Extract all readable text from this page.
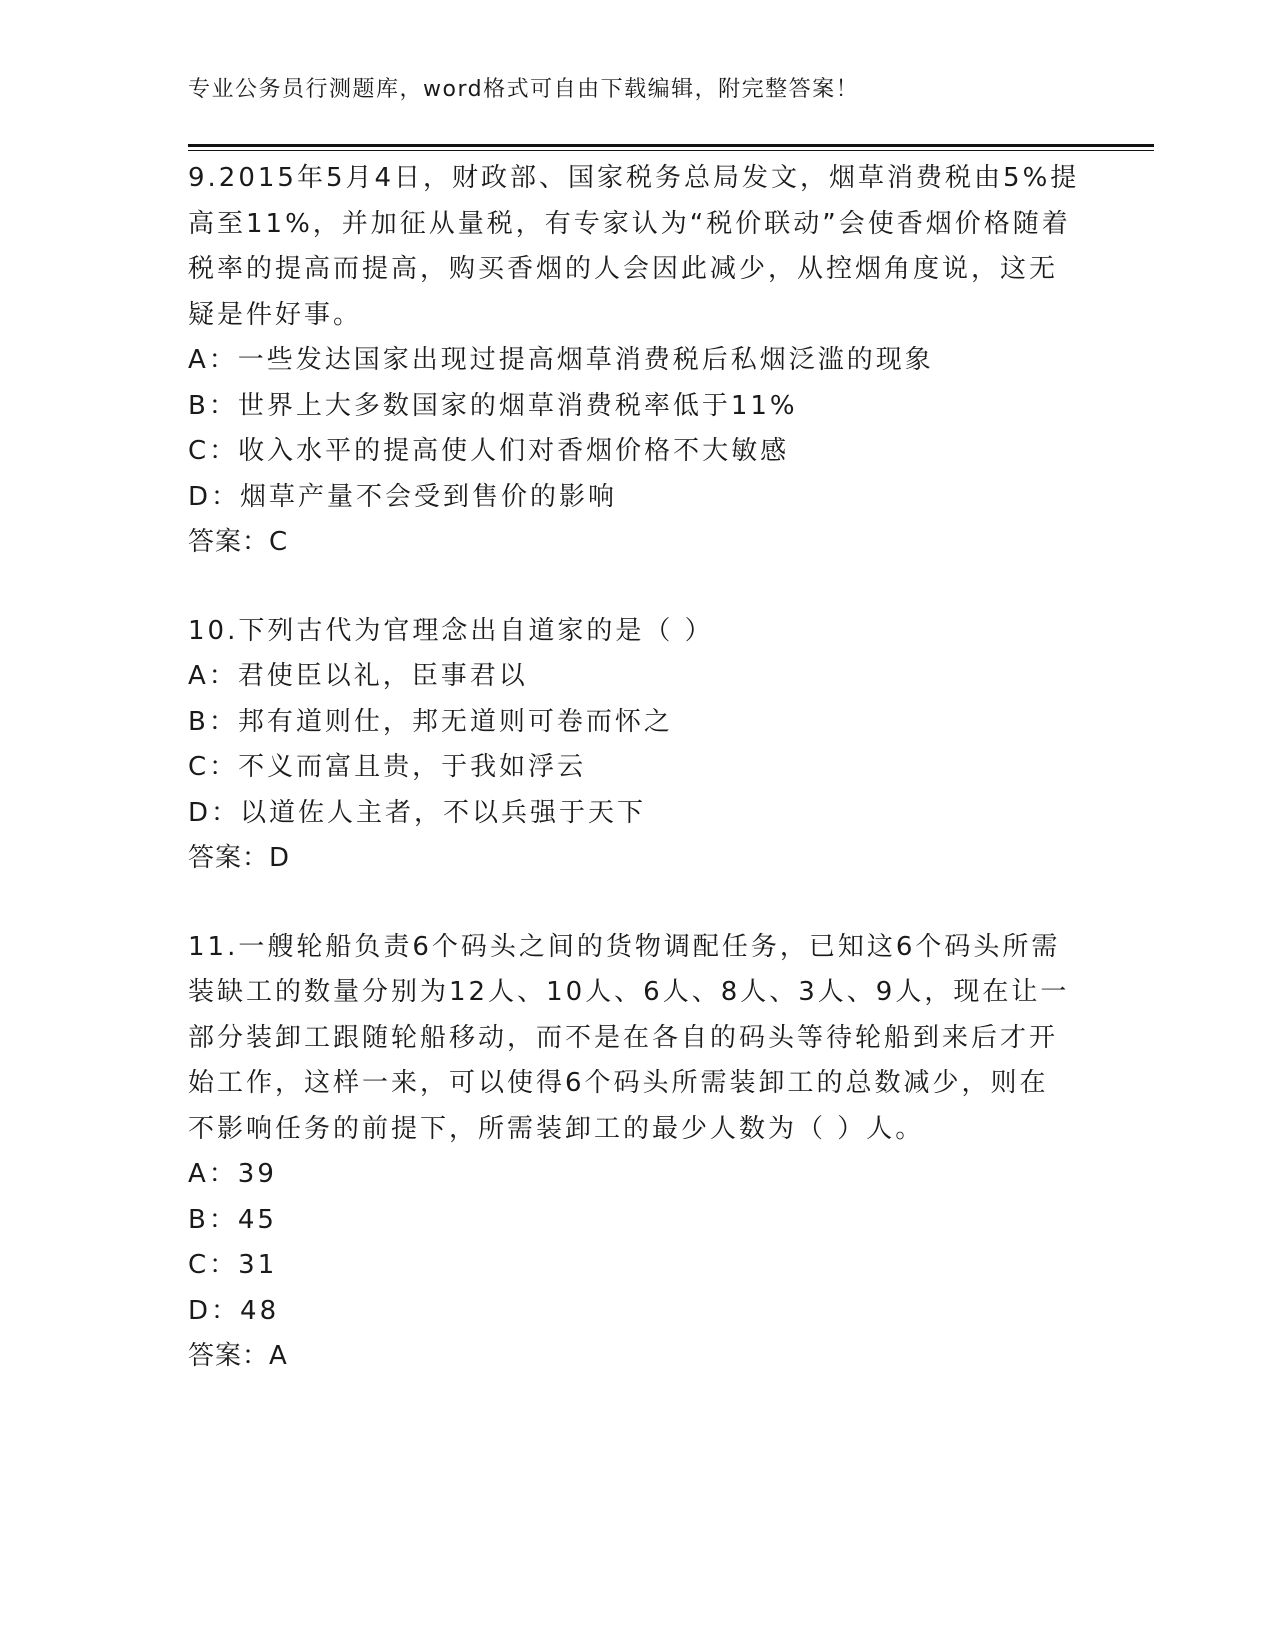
专业公务员行测题库，word格式可自由下载编辑，附完整答案！
9.2015年5月4日，财政部、国家税务总局发文，烟草消费税由5%提
高至11%，并加征从量税，有专家认为“税价联动”会使香烟价格随着
税率的提高而提高，购买香烟的人会因此减少，从控烟角度说，这无
疑是件好事。
A：一些发达国家出现过提高烟草消费税后私烟泛滥的现象
B：世界上大多数国家的烟草消费税率低于11%
C：收入水平的提高使人们对香烟价格不大敏感
D：烟草产量不会受到售价的影响
答案：C
10.下列古代为官理念出自道家的是（ ）
A：君使臣以礼，臣事君以
B：邦有道则仕，邦无道则可卷而怀之
C：不义而富且贵，于我如浮云
D：以道佐人主者，不以兵强于天下
答案：D
11.一艘轮船负责6个码头之间的货物调配任务，已知这6个码头所需
装缺工的数量分别为12人、10人、6人、8人、3人、9人，现在让一
部分装卸工跟随轮船移动，而不是在各自的码头等待轮船到来后才开
始工作，这样一来，可以使得6个码头所需装卸工的总数减少，则在
不影响任务的前提下，所需装卸工的最少人数为（ ）人。
A：39
B：45
C：31
D：48
答案：A
